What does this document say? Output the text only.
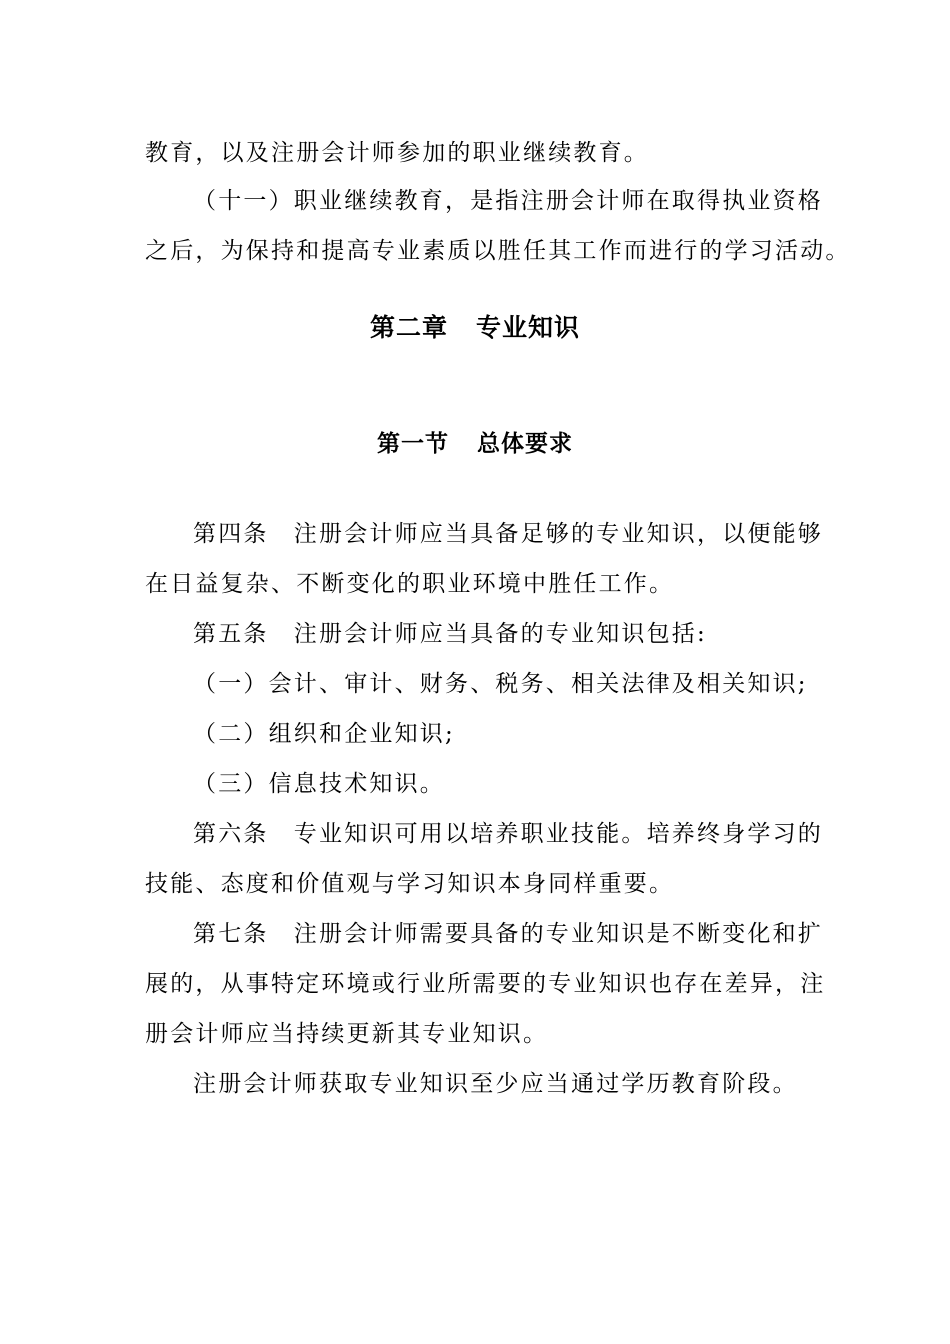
教育，以及注册会计师参加的职业继续教育。
（十一）职业继续教育，是指注册会计师在取得执业资格
之后，为保持和提高专业素质以胜任其工作而进行的学习活动。
第二章 专业知识
第一节 总体要求
第四条　注册会计师应当具备足够的专业知识，以便能够
在日益复杂、不断变化的职业环境中胜任工作。
第五条　注册会计师应当具备的专业知识包括:
（一）会计、审计、财务、税务、相关法律及相关知识;
（二）组织和企业知识;
（三）信息技术知识。
第六条　专业知识可用以培养职业技能。培养终身学习的
技能、态度和价值观与学习知识本身同样重要。
第七条　注册会计师需要具备的专业知识是不断变化和扩
展的，从事特定环境或行业所需要的专业知识也存在差异，注
册会计师应当持续更新其专业知识。
注册会计师获取专业知识至少应当通过学历教育阶段。
